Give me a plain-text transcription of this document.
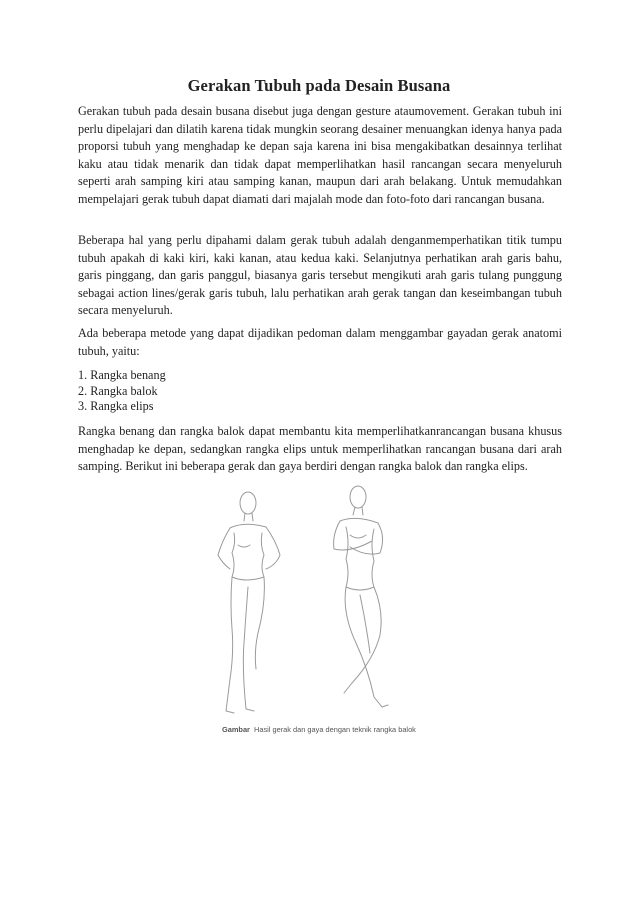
Gerakan Tubuh pada Desain Busana

Gerakan tubuh pada desain busana disebut juga dengan gesture ataumovement. Gerakan tubuh ini perlu dipelajari dan dilatih karena tidak mungkin seorang desainer menuangkan idenya hanya pada proporsi tubuh yang menghadap ke depan saja karena ini bisa mengakibatkan desainnya terlihat kaku atau tidak menarik dan tidak dapat memperlihatkan hasil rancangan secara menyeluruh seperti arah samping kiri atau samping kanan, maupun dari arah belakang. Untuk memudahkan mempelajari gerak tubuh dapat diamati dari majalah mode dan foto-foto dari rancangan busana.

Beberapa hal yang perlu dipahami dalam gerak tubuh adalah denganmemperhatikan titik tumpu tubuh apakah di kaki kiri, kaki kanan, atau kedua kaki. Selanjutnya perhatikan arah garis bahu, garis pinggang, dan garis panggul, biasanya garis tersebut mengikuti arah garis tulang punggung sebagai action lines/gerak garis tubuh, lalu perhatikan arah gerak tangan dan keseimbangan tubuh secara menyeluruh.

Ada beberapa metode yang dapat dijadikan pedoman dalam menggambar gayadan gerak anatomi tubuh, yaitu:

1. Rangka benang
2. Rangka balok
3. Rangka elips

Rangka benang dan rangka balok dapat membantu kita memperlihatkanrancangan busana khusus menghadap ke depan, sedangkan rangka elips untuk memperlihatkan rancangan busana dari arah samping. Berikut ini beberapa gerak dan gaya berdiri dengan rangka balok dan rangka elips.

Gambar Hasil gerak dan gaya dengan teknik rangka balok
